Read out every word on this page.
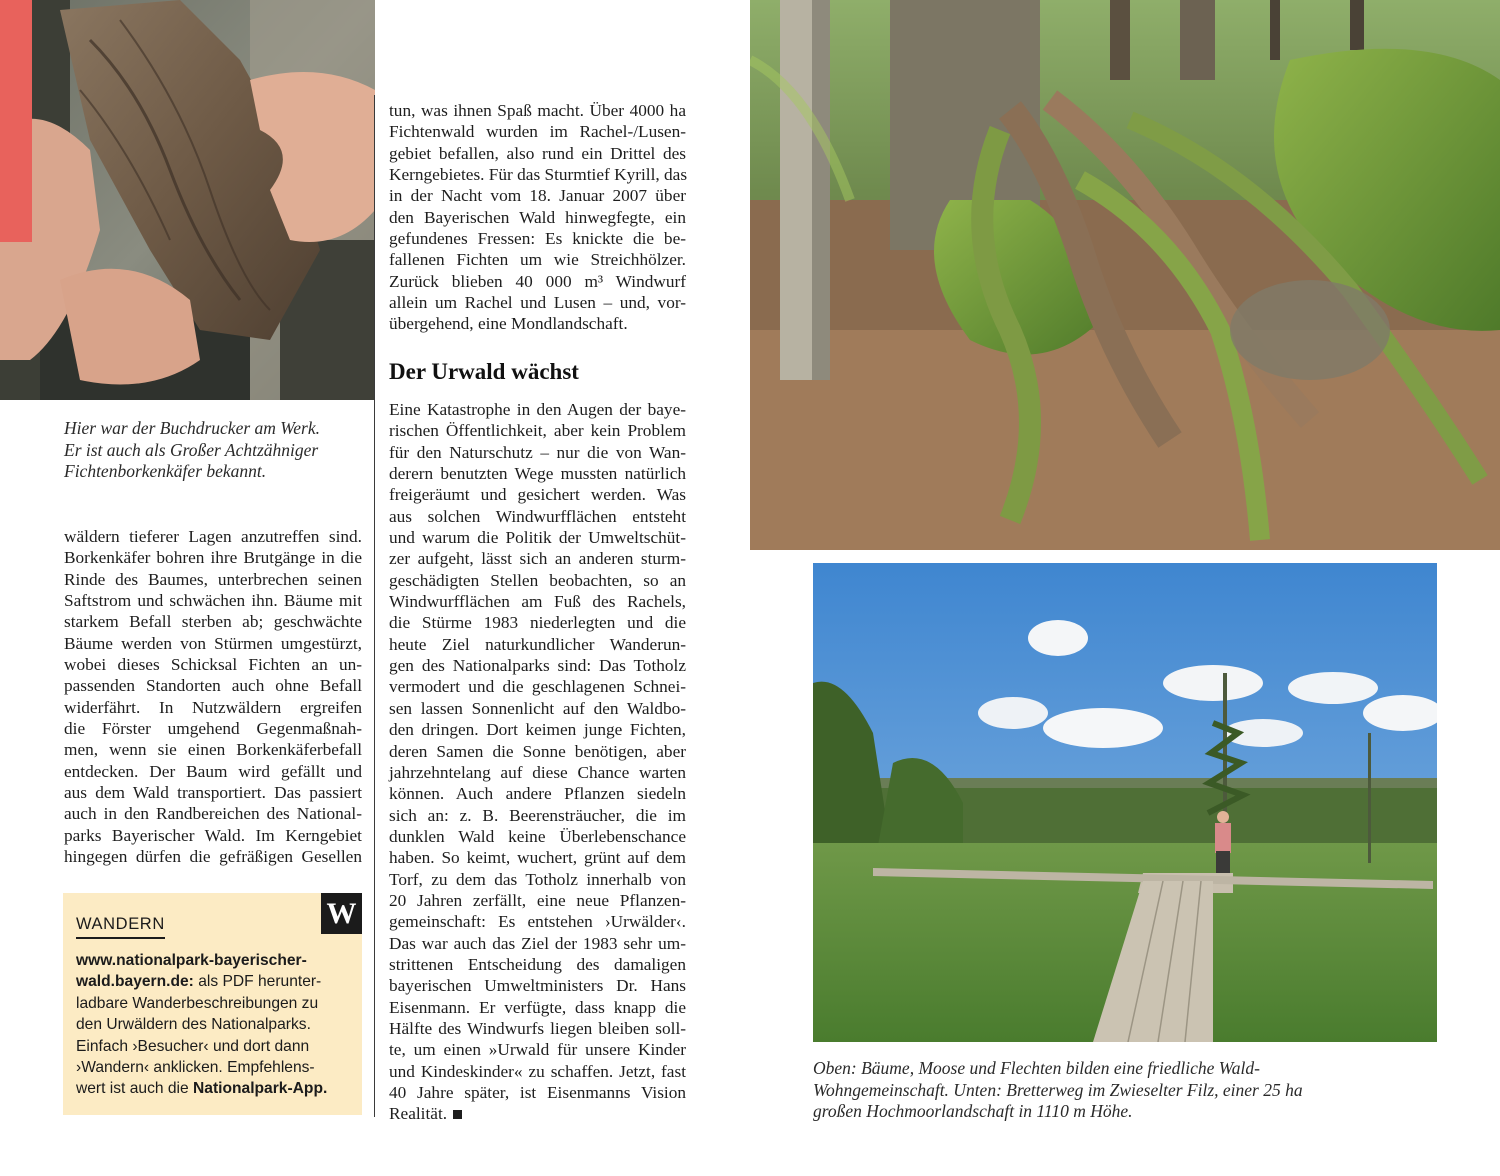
Hier war der Buchdrucker am Werk.

Er ist auch als Großer Achtzähniger

Fichtenborkenkäfer bekannt.

wäldern tieferer Lagen anzutreffen sind.
Borkenkäfer bohren ihre Brutgänge in die
Rinde des Baumes, unterbrechen seinen
Saftstrom und schwächen ihn. Bäume mit
starkem Befall sterben ab; geschwächte
Bäume werden von Stürmen umgestürzt,
wobei dieses Schicksal Fichten an un-
passenden Standorten auch ohne Befall
widerfährt. In Nutzwäldern ergreifen
die Förster umgehend Gegenmaßnah-
men, wenn sie einen Borkenkäferbefall
entdecken. Der Baum wird gefällt und
aus dem Wald transportiert. Das passiert
auch in den Randbereichen des National-
parks Bayerischer Wald. Im Kerngebiet
hingegen dürfen die gefräßigen Gesellen
WANDERN	W
www.nationalpark-bayerischer-
wald.bayern.de: als PDF herunter-
ladbare Wanderbeschreibungen zu
den Urwäldern des Nationalparks.
Einfach ›Besucher‹ und dort dann
›Wandern‹ anklicken. Empfehlens-
wert ist auch die Nationalpark-App.
tun, was ihnen Spaß macht. Über 4000 ha
Fichtenwald wurden im Rachel-/Lusen-
gebiet befallen, also rund ein Drittel des
Kerngebietes. Für das Sturmtief Kyrill, das
in der Nacht vom 18. Januar 2007 über
den Bayerischen Wald hinwegfegte, ein
gefundenes Fressen: Es knickte die be-
fallenen Fichten um wie Streichhölzer.
Zurück blieben 40 000 m³ Windwurf
allein um Rachel und Lusen – und, vor-
übergehend, eine Mondlandschaft.
Der Urwald wächst
Eine Katastrophe in den Augen der baye-
rischen Öffentlichkeit, aber kein Problem
für den Naturschutz – nur die von Wan-
derern benutzten Wege mussten natürlich
freigeräumt und gesichert werden. Was
aus solchen Windwurfflächen entsteht
und warum die Politik der Umweltschüt-
zer aufgeht, lässt sich an anderen sturm-
geschädigten Stellen beobachten, so an
Windwurfflächen am Fuß des Rachels,
die Stürme 1983 niederlegten und die
heute Ziel naturkundlicher Wanderun-
gen des Nationalparks sind: Das Totholz
vermodert und die geschlagenen Schnei-
sen lassen Sonnenlicht auf den Waldbo-
den dringen. Dort keimen junge Fichten,
deren Samen die Sonne benötigen, aber
jahrzehntelang auf diese Chance warten
können. Auch andere Pflanzen siedeln
sich an: z. B. Beerensträucher, die im
dunklen Wald keine Überlebenschance
haben. So keimt, wuchert, grünt auf dem
Torf, zu dem das Totholz innerhalb von
20 Jahren zerfällt, eine neue Pflanzen-
gemeinschaft: Es entstehen ›Urwälder‹.
Das war auch das Ziel der 1983 sehr um-
strittenen Entscheidung des damaligen
bayerischen Umweltministers Dr. Hans
Eisenmann. Er verfügte, dass knapp die
Hälfte des Windwurfs liegen bleiben soll-
te, um einen »Urwald für unsere Kinder
und Kindeskinder« zu schaffen. Jetzt, fast
40 Jahre später, ist Eisenmanns Vision
Realität.

Oben: Bäume, Moose und Flechten bilden eine friedliche Wald-

Wohngemeinschaft. Unten: Bretterweg im Zwieselter Filz, einer 25 ha

großen Hochmoorlandschaft in 1110 m Höhe.
